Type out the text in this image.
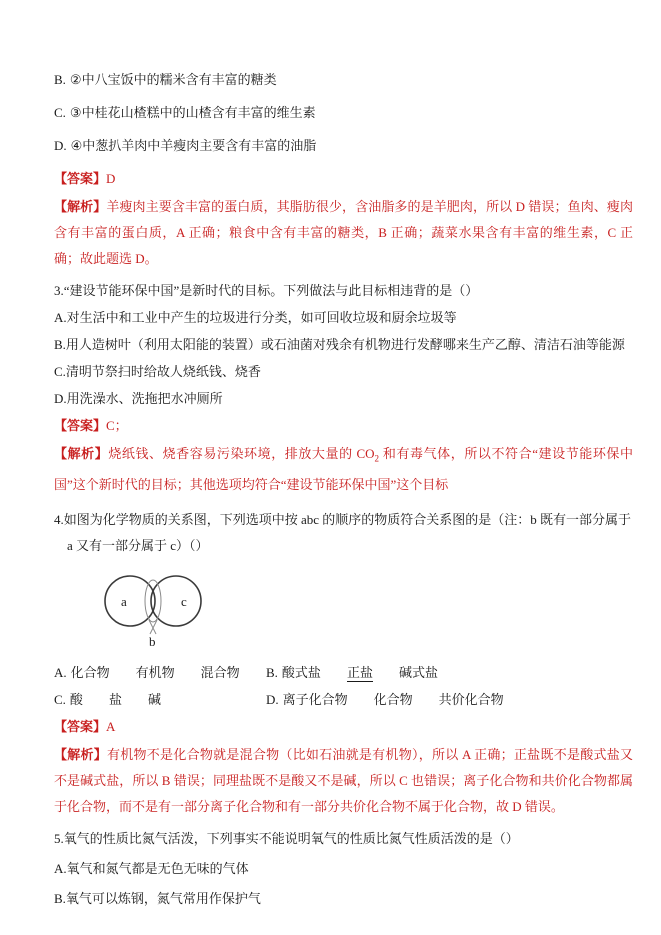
B. ②中八宝饭中的糯米含有丰富的糖类
C. ③中桂花山楂糕中的山楂含有丰富的维生素
D. ④中葱扒羊肉中羊瘦肉主要含有丰富的油脂
【答案】D

【解析】羊瘦肉主要含丰富的蛋白质，其脂肪很少，含油脂多的是羊肥肉，所以 D 错误；鱼肉、瘦肉含有丰富的蛋白质，A 正确；粮食中含有丰富的糖类，B 正确；蔬菜水果含有丰富的维生素，C 正确；故此题选 D。

3.“建设节能环保中国”是新时代的目标。下列做法与此目标相违背的是（）
A.对生活中和工业中产生的垃圾进行分类，如可回收垃圾和厨余垃圾等
B.用人造树叶（利用太阳能的装置）或石油菌对残余有机物进行发酵哪来生产乙醇、清洁石油等能源
C.清明节祭扫时给故人烧纸钱、烧香
D.用洗澡水、洗拖把水冲厕所
【答案】C；

【解析】烧纸钱、烧香容易污染环境，排放大量的 $CO_2$ 和有毒气体，所以不符合“建设节能环保中国”这个新时代的目标；其他选项均符合“建设节能环保中国”这个目标

4.如图为化学物质的关系图，下列选项中按 abc 的顺序的物质符合关系图的是（注：b 既有一部分属于 a 又有一部分属于 c）（）

a	c
b
A. 化合物 有机物 混合物	B. 酸式盐 正盐 碱式盐
C. 酸 盐 碱	D. 离子化合物 化合物 共价化合物
【答案】A

【解析】有机物不是化合物就是混合物（比如石油就是有机物），所以 A 正确；正盐既不是酸式盐又不是碱式盐，所以 B 错误；同理盐既不是酸又不是碱，所以 C 也错误；离子化合物和共价化合物都属于化合物，而不是有一部分离子化合物和有一部分共价化合物不属于化合物，故 D 错误。

5.氧气的性质比氮气活泼，下列事实不能说明氧气的性质比氮气性质活泼的是（）
A.氧气和氮气都是无色无味的气体
B.氧气可以炼钢，氮气常用作保护气
